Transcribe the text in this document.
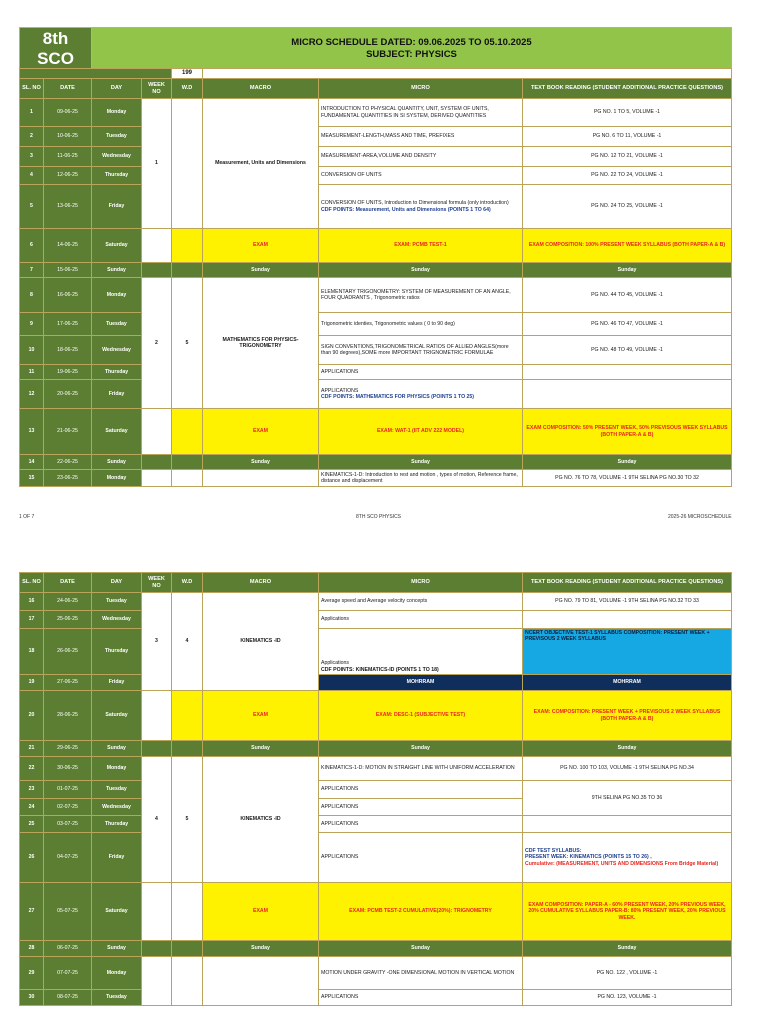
8th SCO	
MICRO SCHEDULE DATED: 09.06.2025 TO 05.10.2025
SUBJECT: PHYSICS
				199			
SL. NO	DATE	DAY	WEEK NO	W.D	MACRO	MICRO	TEXT BOOK READING (STUDENT ADDITIONAL PRACTICE QUESTIONS)
1	09-06-25	Monday	1		Measurement, Units and Dimensions	INTRODUCTION TO PHYSICAL QUANTITY, UNIT, SYSTEM OF UNITS, FUNDAMENTAL QUANTITIES IN SI SYSTEM, DERIVED QUANTITIES	PG NO. 1 TO 5, VOLUME -1
2	10-06-25	Tuesday				MEASUREMENT-LENGTH,MASS AND TIME, PREFIXES	PG NO. 6 TO 11, VOLUME -1
3	11-06-25	Wednesday				MEASUREMENT-AREA,VOLUME AND DENSITY	PG NO. 12 TO 21, VOLUME -1
4	12-06-25	Thursday				CONVERSION OF UNITS	PG NO. 22 TO 24, VOLUME -1
5	13-06-25	Friday				CONVERSION OF UNITS, Introduction to Dimensional formula (only introduction)
CDF POINTS: Measurement, Units and Dimensions (POINTS 1 TO 64)	PG NO. 24 TO 25, VOLUME -1
6	14-06-25	Saturday			EXAM	EXAM: PCMB TEST-1	EXAM COMPOSITION: 100% PRESENT WEEK SYLLABUS (BOTH PAPER-A & B)
7	15-06-25	Sunday			Sunday	Sunday	Sunday
8	16-06-25	Monday	2	5	MATHEMATICS FOR PHYSICS-TRIGONOMETRY	ELEMENTARY TRIGONOMETRY: SYSTEM OF MEASUREMENT OF AN ANGLE, FOUR QUADRANTS , Trigonometric ratios	PG NO. 44 TO 45, VOLUME -1
9	17-06-25	Tuesday				Trigonometric identies, Trigonometric values ( 0 to 90 deg)	PG NO. 46 TO 47, VOLUME -1
10	18-06-25	Wednesday				SIGN CONVENTIONS,TRIGONOMETRICAL RATIOS OF ALLIED ANGLES(more than 90 degrees),SOME more IMPORTANT TRIGNOMETRIC FORMULAE	PG NO. 48 TO 49, VOLUME -1
11	19-06-25	Thursday				APPLICATIONS	
12	20-06-25	Friday				APPLICATIONS
CDF POINTS: MATHEMATICS FOR PHYSICS (POINTS 1 TO 25)	

13	21-06-25	Saturday			EXAM	EXAM: WAT-1 (IIT ADV 222 MODEL)	EXAM COMPOSITION: 50% PRESENT WEEK, 50% PREVISOUS WEEK SYLLABUS (BOTH PAPER-A & B)
14	22-06-25	Sunday			Sunday	Sunday	Sunday
15	23-06-25	Monday				KINEMATICS-1-D: Introduction to rest and motion , types of motion, Reference frame, distance and displacement	PG NO. 76 TO 78, VOLUME -1 9TH SELINA PG NO.30 TO 32
1 OF 7	8TH SCO PHYSICS	2025-26 MICROSCHEDULE
SL. NO	DATE	DAY	WEEK NO	W.D	MACRO	MICRO	TEXT BOOK READING (STUDENT ADDITIONAL PRACTICE QUESTIONS)
16	24-06-25	Tuesday	3	4	KINEMATICS -ID	Average speed and Average velocity concepts	PG NO. 79 TO 81, VOLUME -1 9TH SELINA PG NO.32 TO 33
17	25-06-25	Wednesday				Applications	
18	26-06-25	Thursday				Applications
CDF POINTS: KINEMATICS-ID (POINTS 1 TO 18)	NCERT OBJECTIVE TEST-1 SYLLABUS COMPOSITION: PRESENT WEEK + PREVISOUS 2 WEEK SYLLABUS
19	27-06-25	Friday				MOHRRAM	MOHRRAM
20	28-06-25	Saturday			EXAM	EXAM: DESC-1 (SUBJECTIVE TEST)	EXAM: COMPOSITION: PRESENT WEEK + PREVISOUS 2 WEEK SYLLABUS (BOTH PAPER-A & B)
21	29-06-25	Sunday			Sunday	Sunday	Sunday
22	30-06-25	Monday	4	5	KINEMATICS -ID	KINEMATICS-1-D: MOTION IN STRAIGHT LINE WITH UNIFORM ACCELERATION	PG NO. 100 TO 103, VOLUME -1 9TH SELINA PG NO.34
23	01-07-25	Tuesday				APPLICATIONS	9TH SELINA PG NO.35 TO 36
24	02-07-25	Wednesday				APPLICATIONS	
25	03-07-25	Thursday				APPLICATIONS	
26	04-07-25	Friday				APPLICATIONS	CDF TEST SYLLABUS:
PRESENT WEEK: KINEMATICS (POINTS 15 TO 26) ,
Cumulative: (MEASUREMENT, UNITS AND DIMENSIONS From Bridge Material)

27	05-07-25	Saturday			EXAM	EXAM: PCMB TEST-2 CUMULATIVE(20%): TRIGNOMETRY	EXAM COMPOSITION: PAPER-A - 60% PRESENT WEEK, 20% PREVIOUS WEEK, 20% CUMULATIVE SYLLABUS PAPER-B: 80% PRESENT WEEK, 20% PREVIOUS WEEK.
28	06-07-25	Sunday			Sunday	Sunday	Sunday
29	07-07-25	Monday				MOTION UNDER GRAVITY -ONE DIMENSIONAL MOTION IN VERTICAL MOTION	PG NO. 122 , VOLUME -1
30	08-07-25	Tuesday				APPLICATIONS	PG NO. 123, VOLUME -1
